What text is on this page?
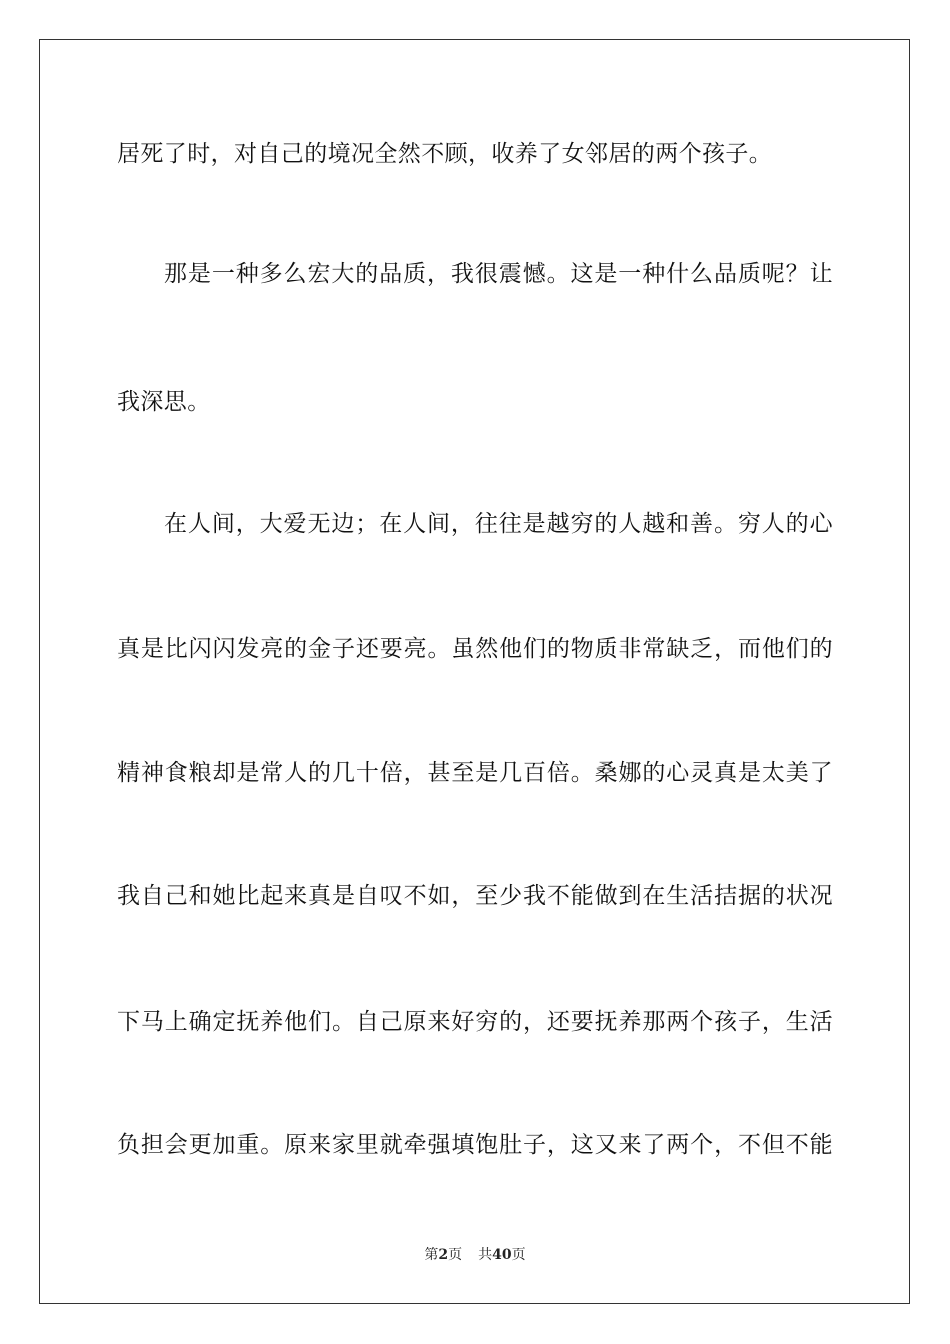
居死了时，对自己的境况全然不顾，收养了女邻居的两个孩子。
那是一种多么宏大的品质，我很震憾。这是一种什么品质呢？让
我深思。
在人间，大爱无边；在人间，往往是越穷的人越和善。穷人的心
真是比闪闪发亮的金子还要亮。虽然他们的物质非常缺乏，而他们的
精神食粮却是常人的几十倍，甚至是几百倍。桑娜的心灵真是太美了
我自己和她比起来真是自叹不如，至少我不能做到在生活拮据的状况
下马上确定抚养他们。自己原来好穷的，还要抚养那两个孩子，生活
负担会更加重。原来家里就牵强填饱肚子，这又来了两个，不但不能
第2页 共40页
